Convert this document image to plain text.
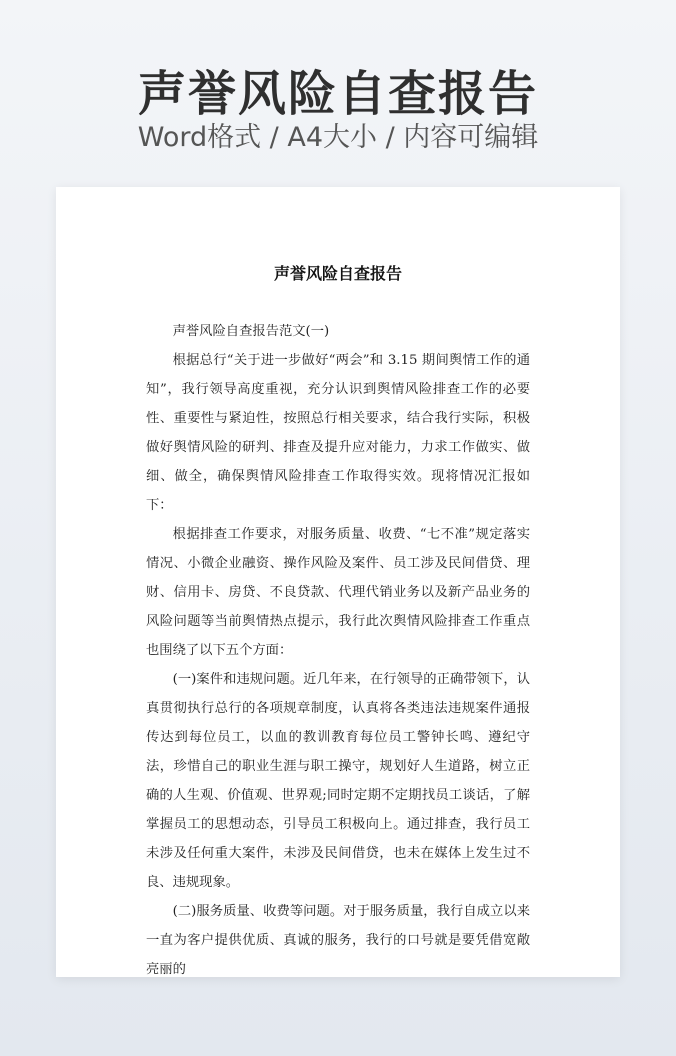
声誉风险自查报告
Word格式 / A4大小 / 内容可编辑
声誉风险自查报告

声誉风险自查报告范文(一)

根据总行“关于进一步做好“两会”和 3.15 期间舆情工作的通知”，我行领导高度重视，充分认识到舆情风险排查工作的必要性、重要性与紧迫性，按照总行相关要求，结合我行实际，积极做好舆情风险的研判、排查及提升应对能力，力求工作做实、做细、做全，确保舆情风险排查工作取得实效。现将情况汇报如下：

根据排查工作要求，对服务质量、收费、“七不准”规定落实情况、小微企业融资、操作风险及案件、员工涉及民间借贷、理财、信用卡、房贷、不良贷款、代理代销业务以及新产品业务的风险问题等当前舆情热点提示，我行此次舆情风险排查工作重点也围绕了以下五个方面：

(一)案件和违规问题。近几年来，在行领导的正确带领下，认真贯彻执行总行的各项规章制度，认真将各类违法违规案件通报传达到每位员工，以血的教训教育每位员工警钟长鸣、遵纪守法，珍惜自己的职业生涯与职工操守，规划好人生道路，树立正确的人生观、价值观、世界观;同时定期不定期找员工谈话，了解掌握员工的思想动态，引导员工积极向上。通过排查，我行员工未涉及任何重大案件，未涉及民间借贷，也未在媒体上发生过不良、违规现象。

(二)服务质量、收费等问题。对于服务质量，我行自成立以来一直为客户提供优质、真诚的服务，我行的口号就是要凭借宽敞亮丽的
